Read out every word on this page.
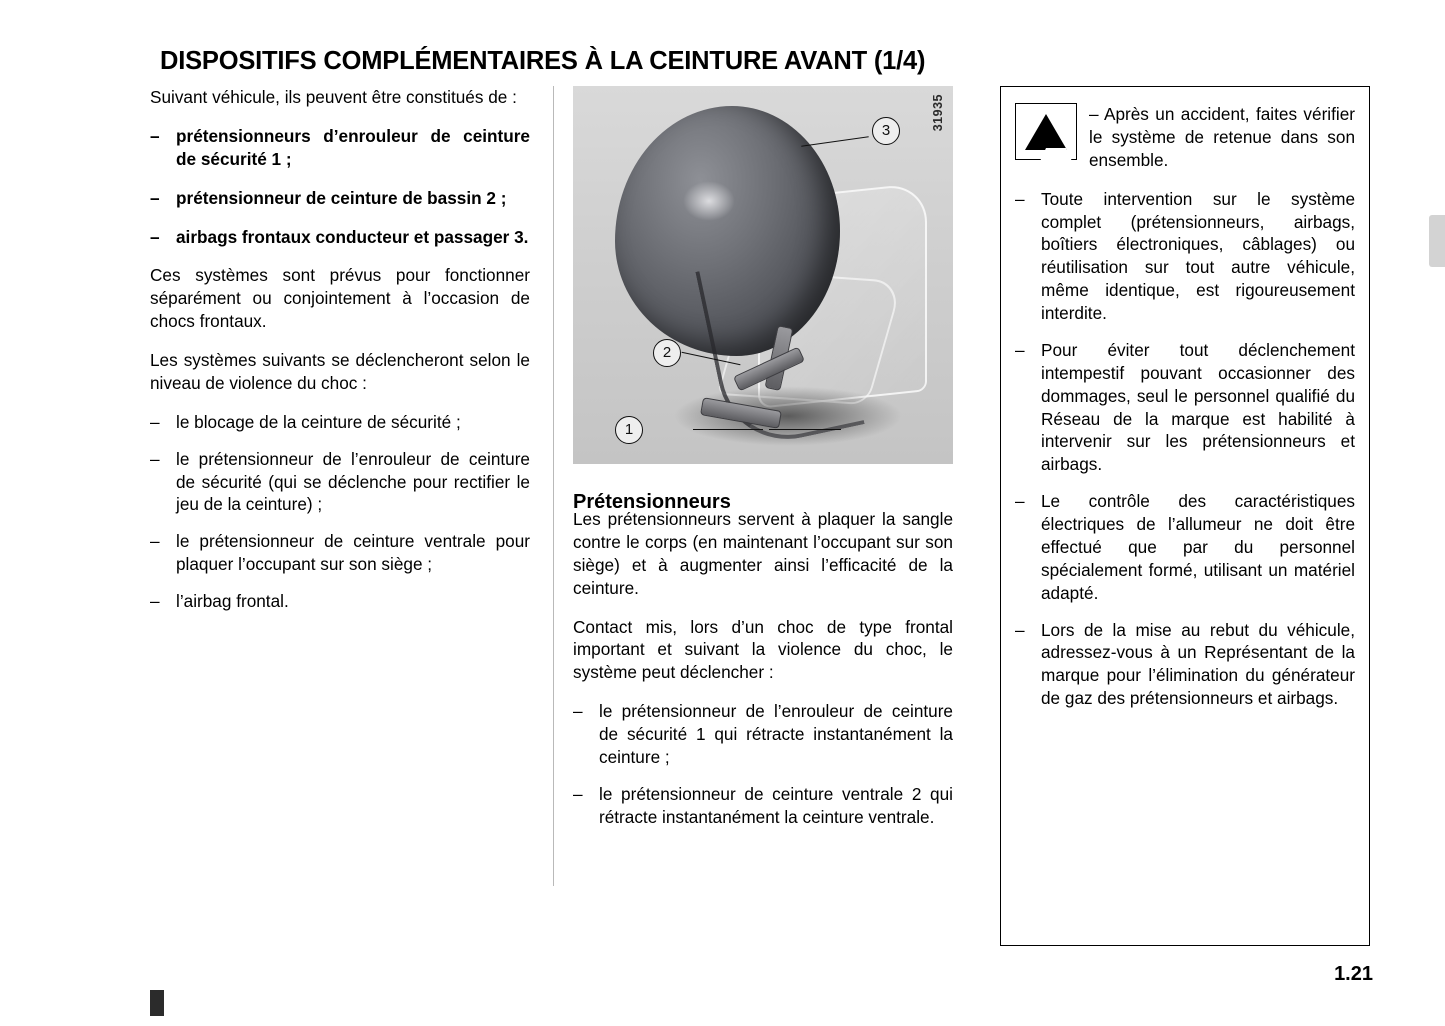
DISPOSITIFS COMPLÉMENTAIRES À LA CEINTURE AVANT (1/4)

Suivant véhicule, ils peuvent être constitués de :

– prétensionneurs d’enrouleur de ceinture de sécurité 1 ;

– prétensionneur de ceinture de bassin 2 ;

– airbags frontaux conducteur et passager 3.

Ces systèmes sont prévus pour fonctionner séparément ou conjointement à l’occasion de chocs frontaux.

Les systèmes suivants se déclencheront selon le niveau de violence du choc :

– le blocage de la ceinture de sécurité ;

– le prétensionneur de l’enrouleur de ceinture de sécurité (qui se déclenche pour rectifier le jeu de la ceinture) ;

– le prétensionneur de ceinture ventrale pour plaquer l’occupant sur son siège ;

– l’airbag frontal.

31935
1
2
3
Prétensionneurs

Les prétensionneurs servent à plaquer la sangle contre le corps (en maintenant l’occupant sur son siège) et à augmenter ainsi l’efficacité de la ceinture.

Contact mis, lors d’un choc de type frontal important et suivant la violence du choc, le système peut déclencher :

– le prétensionneur de l’enrouleur de ceinture de sécurité 1 qui rétracte instantanément la ceinture ;

– le prétensionneur de ceinture ventrale 2 qui rétracte instantanément la ceinture ventrale.

– Après un accident, faites vérifier le système de retenue dans son ensemble.

– Toute intervention sur le système complet (prétensionneurs, airbags, boîtiers électroniques, câblages) ou réutilisation sur tout autre véhicule, même identique, est rigoureusement interdite.

– Pour éviter tout déclenchement intempestif pouvant occasionner des dommages, seul le personnel qualifié du Réseau de la marque est habilité à intervenir sur les prétensionneurs et airbags.

– Le contrôle des caractéristiques électriques de l’allumeur ne doit être effectué que par du personnel spécialement formé, utilisant un matériel adapté.

– Lors de la mise au rebut du véhicule, adressez-vous à un Représentant de la marque pour l’élimination du générateur de gaz des prétensionneurs et airbags.

1.21
